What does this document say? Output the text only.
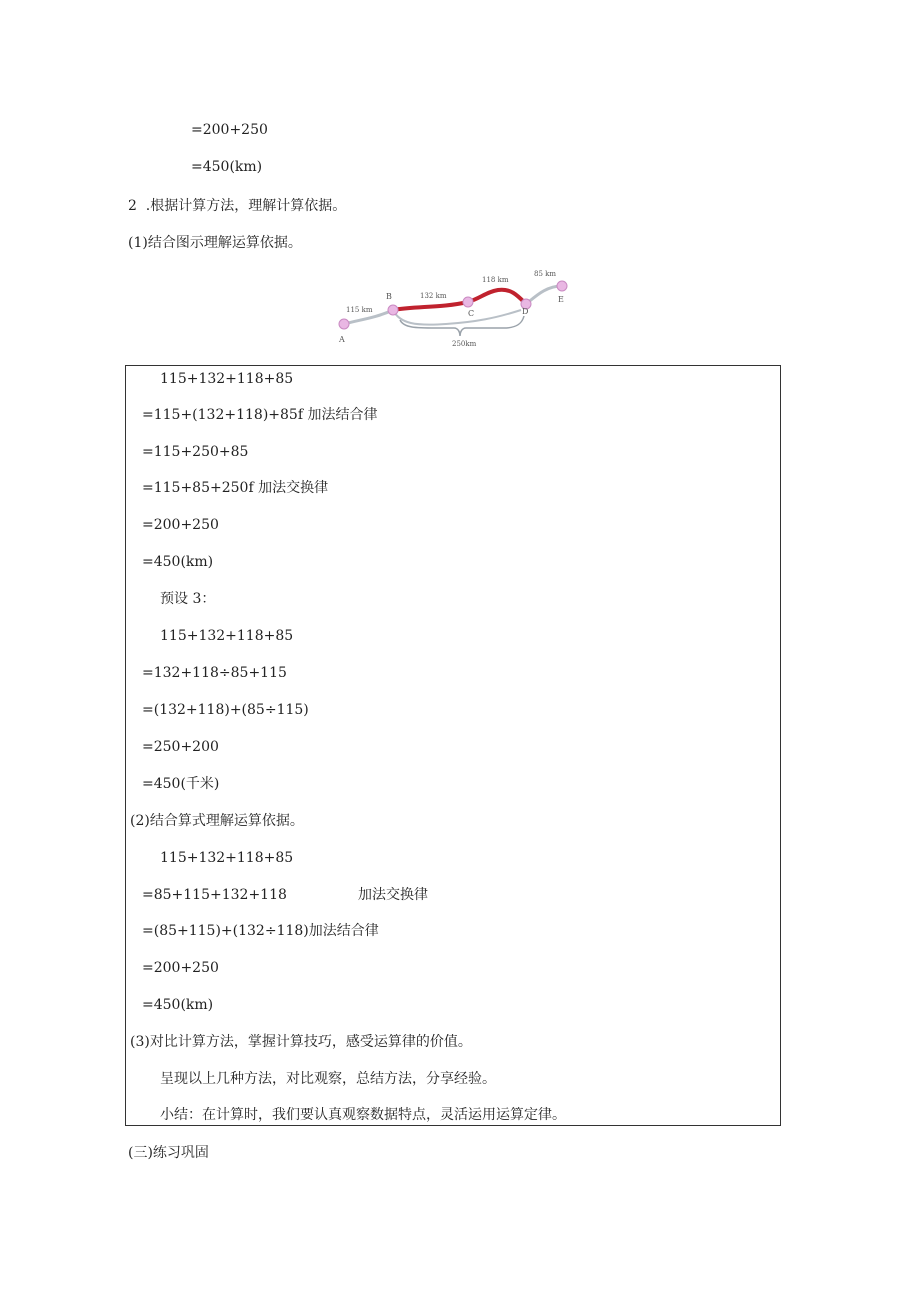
=200+250
=450(km)
2  .根据计算方法，理解计算依据。
(1)结合图示理解运算依据。
A
B
C	D
E
115 km
132 km
118 km
85 km
250km
115+132+118+85
=115+(132+118)+85f 加法结合律
=115+250+85
=115+85+250f 加法交换律
=200+250
=450(km)
预设 3：
115+132+118+85
=132+118÷85+115
=(132+118)+(85÷115)
=250+200
=450(千米)
(2)结合算式理解运算依据。
115+132+118+85
=85+115+132+118	加法交换律
=(85+115)+(132÷118)加法结合律
=200+250
=450(km)
(3)对比计算方法，掌握计算技巧，感受运算律的价值。
呈现以上几种方法，对比观察，总结方法，分享经验。
小结：在计算时，我们要认真观察数据特点，灵活运用运算定律。
(三)练习巩固
